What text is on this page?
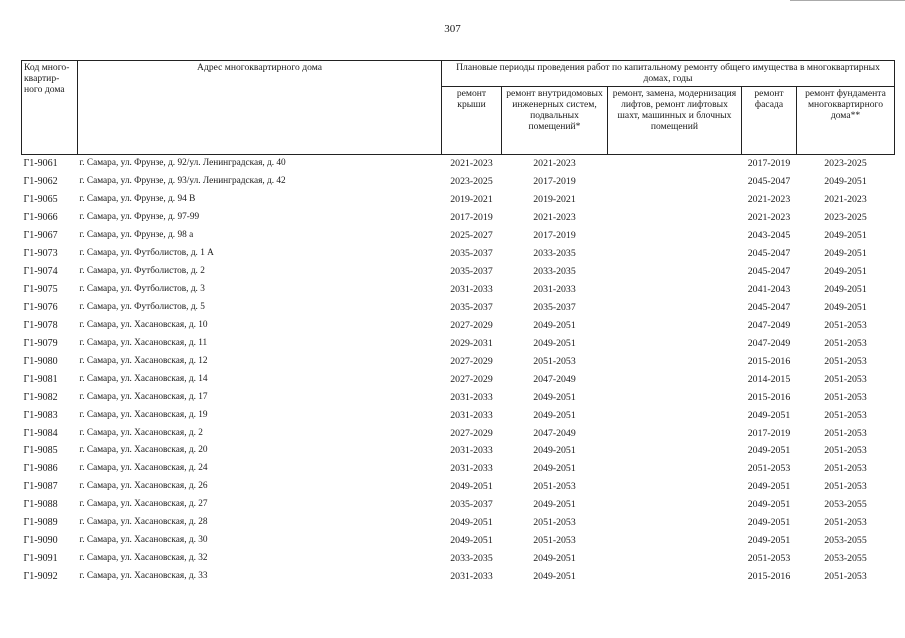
307
Код много-квартир-ного дома	Адрес многоквартирного дома	Плановые периоды проведения работ по капитальному ремонту общего имущества в многоквартирных домах, годы				
		ремонт крыши	ремонт внутридомовых инженерных систем, подвальных помещений*	ремонт, замена, модернизация лифтов, ремонт лифтовых шахт, машинных и блочных помещений	ремонт фасада	ремонт фундамента многоквартирного дома**
Г1-9061	г. Самара, ул. Фрунзе, д. 92/ул. Ленинградская, д. 40	2021-2023	2021-2023		2017-2019	2023-2025
Г1-9062	г. Самара, ул. Фрунзе, д. 93/ул. Ленинградская, д. 42	2023-2025	2017-2019		2045-2047	2049-2051
Г1-9065	г. Самара, ул. Фрунзе, д. 94 В	2019-2021	2019-2021		2021-2023	2021-2023
Г1-9066	г. Самара, ул. Фрунзе, д. 97-99	2017-2019	2021-2023		2021-2023	2023-2025
Г1-9067	г. Самара, ул. Фрунзе, д. 98 а	2025-2027	2017-2019		2043-2045	2049-2051
Г1-9073	г. Самара, ул. Футболистов, д. 1 А	2035-2037	2033-2035		2045-2047	2049-2051
Г1-9074	г. Самара, ул. Футболистов, д. 2	2035-2037	2033-2035		2045-2047	2049-2051
Г1-9075	г. Самара, ул. Футболистов, д. 3	2031-2033	2031-2033		2041-2043	2049-2051
Г1-9076	г. Самара, ул. Футболистов, д. 5	2035-2037	2035-2037		2045-2047	2049-2051
Г1-9078	г. Самара, ул. Хасановская, д. 10	2027-2029	2049-2051		2047-2049	2051-2053
Г1-9079	г. Самара, ул. Хасановская, д. 11	2029-2031	2049-2051		2047-2049	2051-2053
Г1-9080	г. Самара, ул. Хасановская, д. 12	2027-2029	2051-2053		2015-2016	2051-2053
Г1-9081	г. Самара, ул. Хасановская, д. 14	2027-2029	2047-2049		2014-2015	2051-2053
Г1-9082	г. Самара, ул. Хасановская, д. 17	2031-2033	2049-2051		2015-2016	2051-2053
Г1-9083	г. Самара, ул. Хасановская, д. 19	2031-2033	2049-2051		2049-2051	2051-2053
Г1-9084	г. Самара, ул. Хасановская, д. 2	2027-2029	2047-2049		2017-2019	2051-2053
Г1-9085	г. Самара, ул. Хасановская, д. 20	2031-2033	2049-2051		2049-2051	2051-2053
Г1-9086	г. Самара, ул. Хасановская, д. 24	2031-2033	2049-2051		2051-2053	2051-2053
Г1-9087	г. Самара, ул. Хасановская, д. 26	2049-2051	2051-2053		2049-2051	2051-2053
Г1-9088	г. Самара, ул. Хасановская, д. 27	2035-2037	2049-2051		2049-2051	2053-2055
Г1-9089	г. Самара, ул. Хасановская, д. 28	2049-2051	2051-2053		2049-2051	2051-2053
Г1-9090	г. Самара, ул. Хасановская, д. 30	2049-2051	2051-2053		2049-2051	2053-2055
Г1-9091	г. Самара, ул. Хасановская, д. 32	2033-2035	2049-2051		2051-2053	2053-2055
Г1-9092	г. Самара, ул. Хасановская, д. 33	2031-2033	2049-2051		2015-2016	2051-2053
